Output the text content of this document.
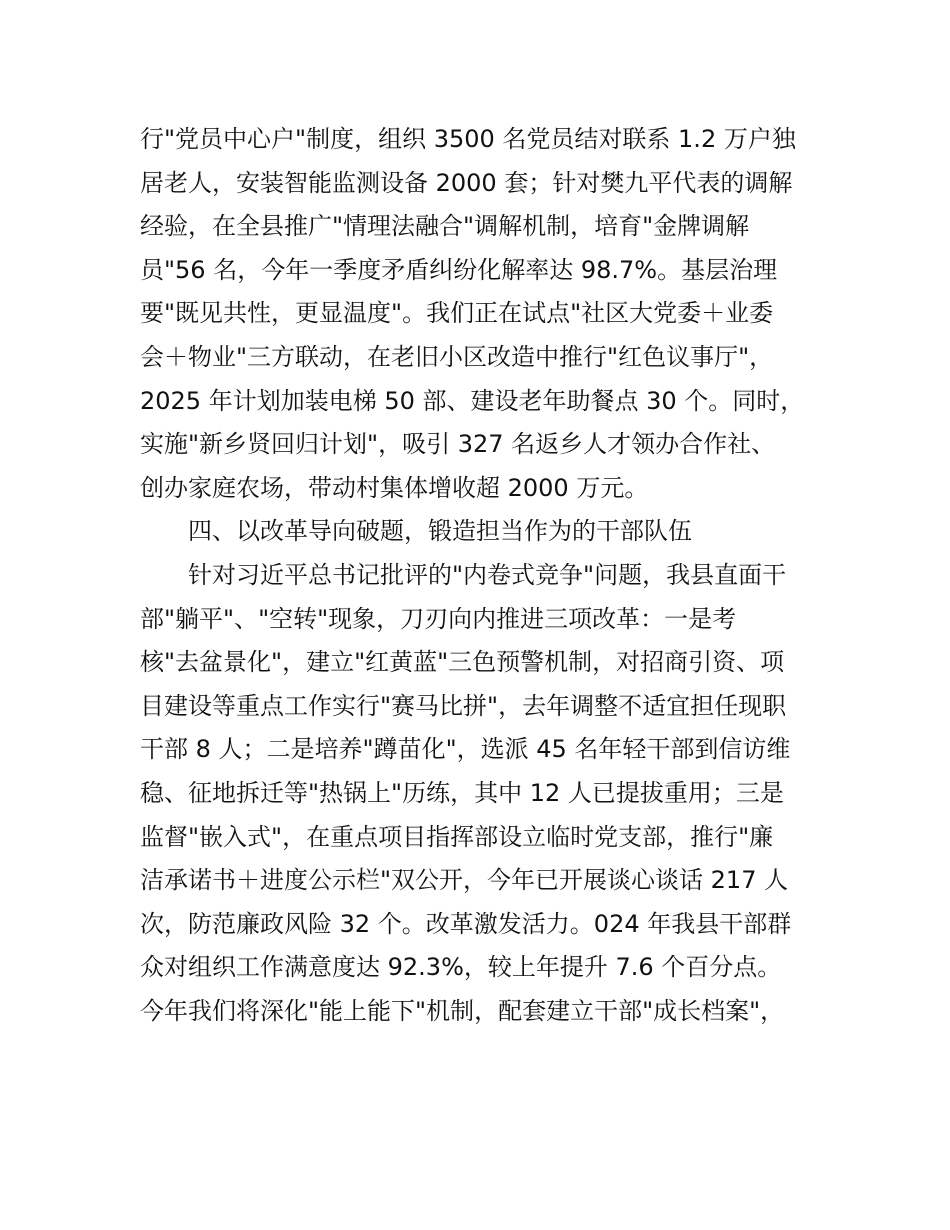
行"党员中心户"制度，组织 3500 名党员结对联系 1.2 万户独
居老人，安装智能监测设备 2000 套；针对樊九平代表的调解
经验，在全县推广"情理法融合"调解机制，培育"金牌调解
员"56 名，今年一季度矛盾纠纷化解率达 98.7%。基层治理
要"既见共性，更显温度"。我们正在试点"社区大党委＋业委
会＋物业"三方联动，在老旧小区改造中推行"红色议事厅"，
2025 年计划加装电梯 50 部、建设老年助餐点 30 个。同时，
实施"新乡贤回归计划"，吸引 327 名返乡人才领办合作社、
创办家庭农场，带动村集体增收超 2000 万元。
四、以改革导向破题，锻造担当作为的干部队伍
针对习近平总书记批评的"内卷式竞争"问题，我县直面干
部"躺平"、"空转"现象，刀刃向内推进三项改革：一是考
核"去盆景化"，建立"红黄蓝"三色预警机制，对招商引资、项
目建设等重点工作实行"赛马比拼"，去年调整不适宜担任现职
干部 8 人；二是培养"蹲苗化"，选派 45 名年轻干部到信访维
稳、征地拆迁等"热锅上"历练，其中 12 人已提拔重用；三是
监督"嵌入式"，在重点项目指挥部设立临时党支部，推行"廉
洁承诺书＋进度公示栏"双公开，今年已开展谈心谈话 217 人
次，防范廉政风险 32 个。改革激发活力。024 年我县干部群
众对组织工作满意度达 92.3%，较上年提升 7.6 个百分点。
今年我们将深化"能上能下"机制，配套建立干部"成长档案"，
